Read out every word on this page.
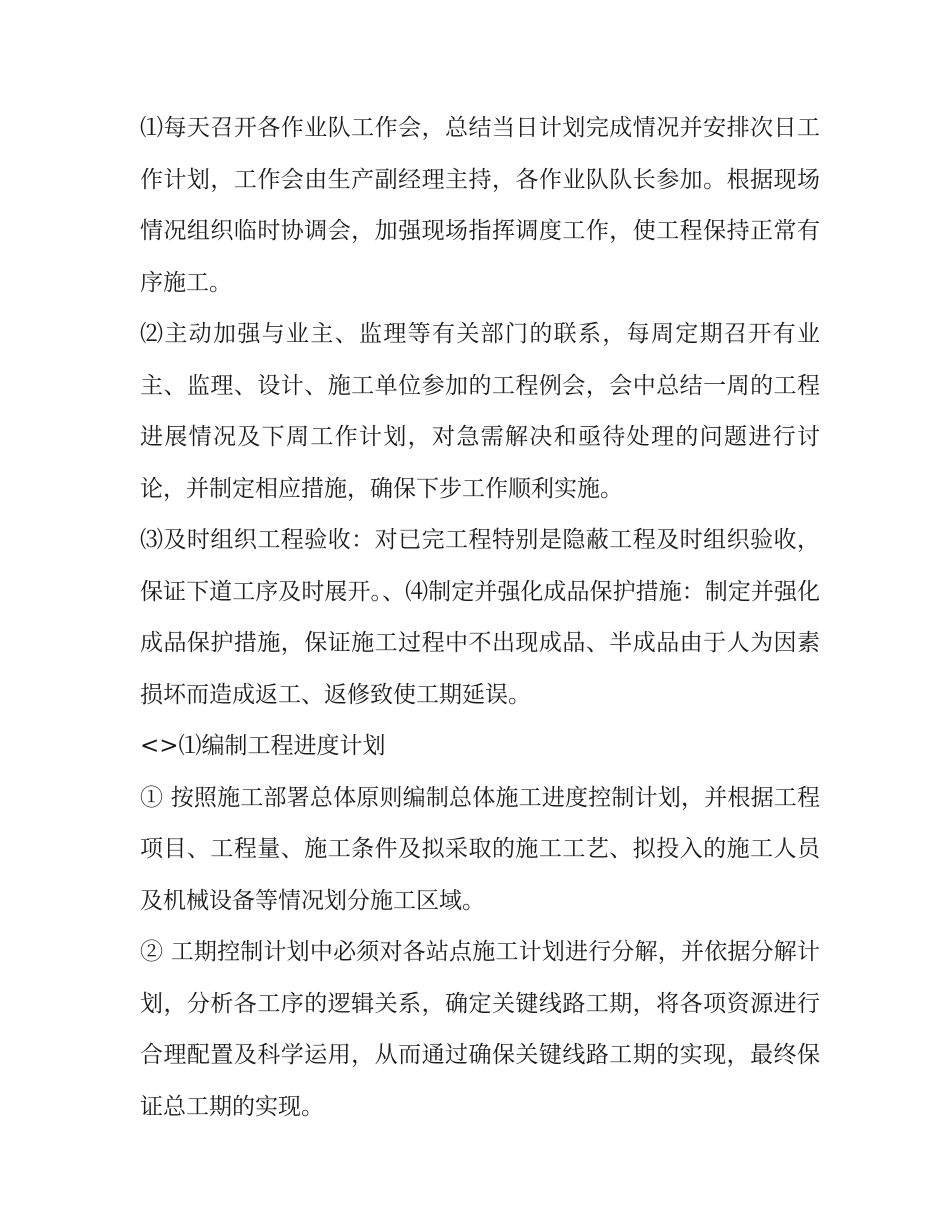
⑴每天召开各作业队工作会，总结当日计划完成情况并安排次日工作计划，工作会由生产副经理主持，各作业队队长参加。根据现场情况组织临时协调会，加强现场指挥调度工作，使工程保持正常有序施工。

⑵主动加强与业主、监理等有关部门的联系，每周定期召开有业主、监理、设计、施工单位参加的工程例会，会中总结一周的工程进展情况及下周工作计划，对急需解决和亟待处理的问题进行讨论，并制定相应措施，确保下步工作顺利实施。

⑶及时组织工程验收：对已完工程特别是隐蔽工程及时组织验收，保证下道工序及时展开。、⑷制定并强化成品保护措施：制定并强化成品保护措施，保证施工过程中不出现成品、半成品由于人为因素损坏而造成返工、返修致使工期延误。

<>⑴编制工程进度计划

① 按照施工部署总体原则编制总体施工进度控制计划，并根据工程项目、工程量、施工条件及拟采取的施工工艺、拟投入的施工人员及机械设备等情况划分施工区域。

② 工期控制计划中必须对各站点施工计划进行分解，并依据分解计划，分析各工序的逻辑关系，确定关键线路工期，将各项资源进行合理配置及科学运用，从而通过确保关键线路工期的实现，最终保证总工期的实现。
